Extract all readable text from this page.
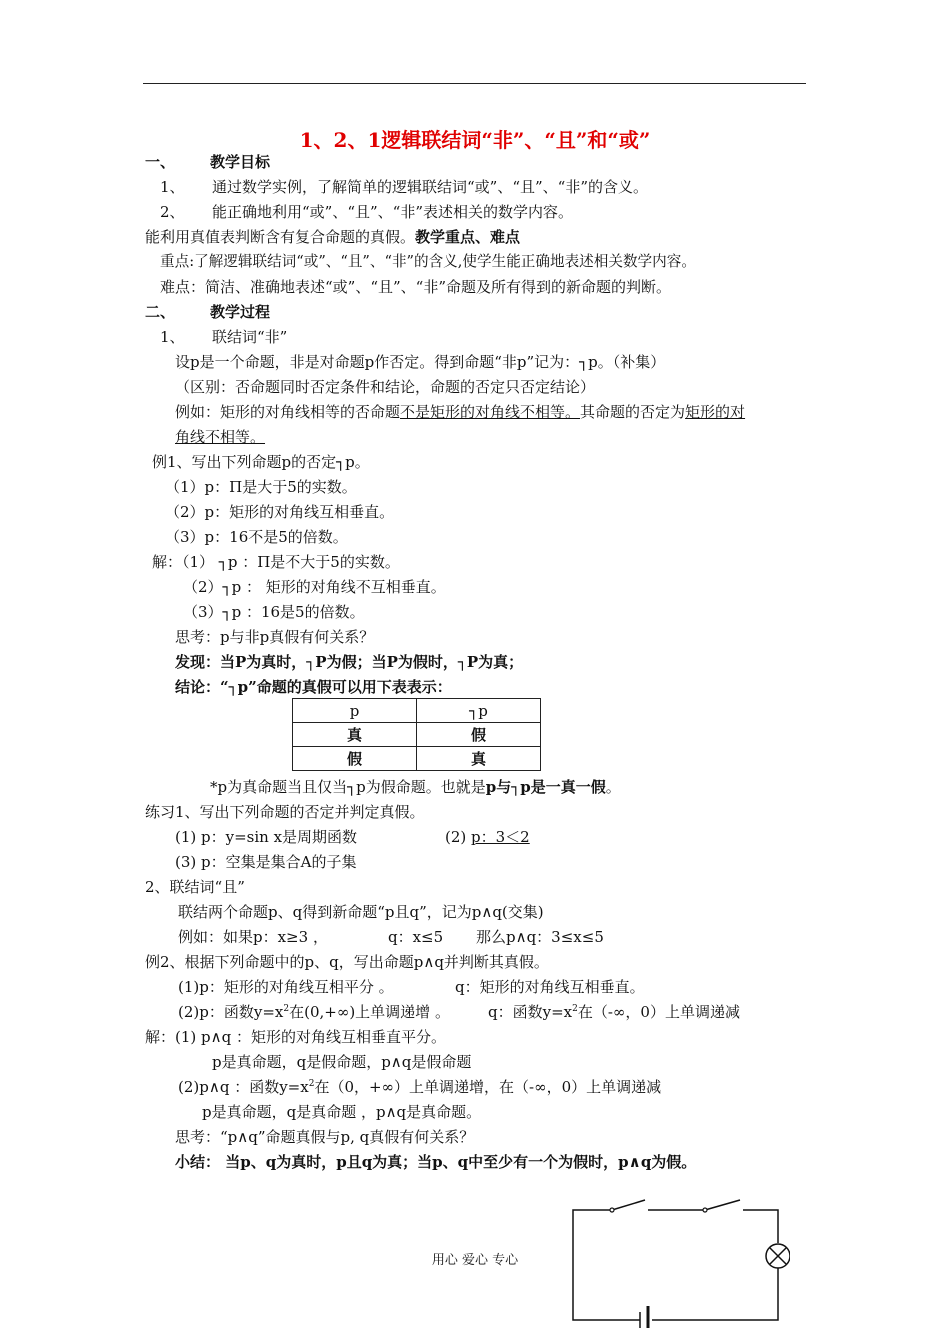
1、2、1逻辑联结词“非”、“且”和“或”
一、 教学目标
1、 通过数学实例，了解简单的逻辑联结词“或”、“且”、“非”的含义。
2、 能正确地利用“或”、“且”、“非”表述相关的数学内容。
能利用真值表判断含有复合命题的真假。教学重点、难点
重点:了解逻辑联结词“或”、“且”、“非”的含义,使学生能正确地表述相关数学内容。
难点：简洁、准确地表述“或”、“且”、“非”命题及所有得到的新命题的判断。
二、 教学过程
1、 联结词“非”
设p是一个命题，非是对命题p作否定。得到命题“非p”记为：┐p。（补集）
（区别：否命题同时否定条件和结论，命题的否定只否定结论）
例如：矩形的对角线相等的否命题不是矩形的对角线不相等。其命题的否定为矩形的对
角线不相等。
例1、写出下列命题p的否定┐p。
（1）p：Π是大于5的实数。
（2）p：矩形的对角线互相垂直。
（3）p：16不是5的倍数。
解：（1） ┐p ：Π是不大于5的实数。
（2）┐p ： 矩形的对角线不互相垂直。
（3）┐p ：16是5的倍数。
思考：p与非p真假有何关系？
发现：当P为真时，┐P为假；当P为假时，┐P为真；
结论：“┐p”命题的真假可以用下表表示：
p	┐p
真	假
假	真
*p为真命题当且仅当┐p为假命题。也就是p与┐p是一真一假。
练习1、写出下列命题的否定并判定真假。
(1) p：y=sin x是周期函数	(2) p：3＜2
(3) p：空集是集合A的子集
2、联结词“且”
联结两个命题p、q得到新命题“p且q”，记为p∧q(交集)
例如：如果p：x≥3 ，	q：x≤5 那么p∧q：3≤x≤5
例2、根据下列命题中的p、q，写出命题p∧q并判断其真假。
(1)p：矩形的对角线互相平分 。	q：矩形的对角线互相垂直。
(2)p：函数$y=x^2$在(0,+∞)上单调递增 。	q：函数$y=x^2$在（-∞，0）上单调递减
解：(1) p∧q ：矩形的对角线互相垂直平分。
p是真命题，q是假命题，p∧q是假命题
(2)p∧q ：函数$y=x^2$在（0，+∞）上单调递增，在（-∞，0）上单调递减
p是真命题，q是真命题 ，p∧q是真命题。
思考：“p∧q”命题真假与p, q真假有何关系？
小结： 当p、q为真时，p且q为真；当p、q中至少有一个为假时，p∧q为假。
用心 爱心 专心
